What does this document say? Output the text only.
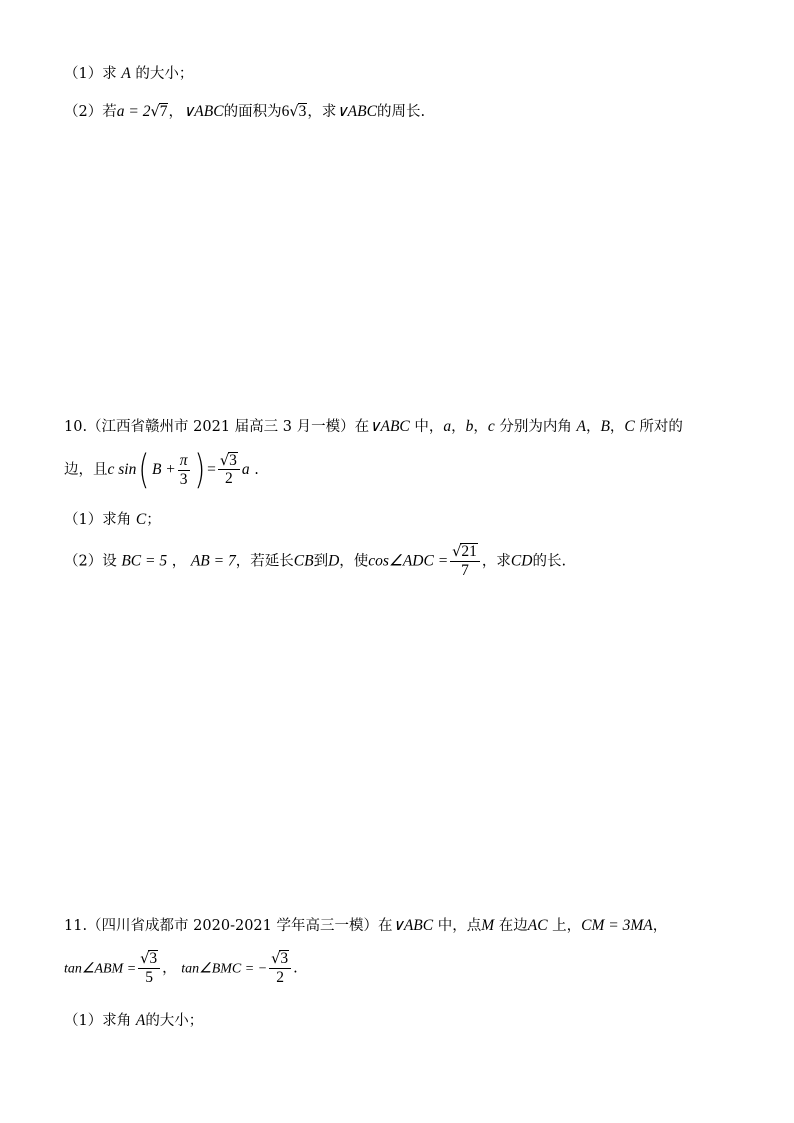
（1）求 A 的大小；
（2）若a = 2√7，∨ABC的面积为6√3，求∨ABC的周长.
10.（江西省赣州市 2021 届高三 3 月一模）在∨ABC 中，a，b，c 分别为内角 A，B，C 所对的
边，且c sin( $B + \frac{\pi}{3}$ ) = $\frac{√3}{2}$ a .
（1）求角 C；
（2）设 BC = 5 ， AB = 7，若延长CB到D，使cos∠ADC = $\frac{√21}{7}$ ，求CD的长.
11.（四川省成都市 2020-2021 学年高三一模）在∨ABC 中，点M 在边AC 上，CM = 3MA，
tan∠ABM = $\frac{√3}{5}$ ， tan∠BMC = − $\frac{√3}{2}$ .
（1）求角 A的大小；
